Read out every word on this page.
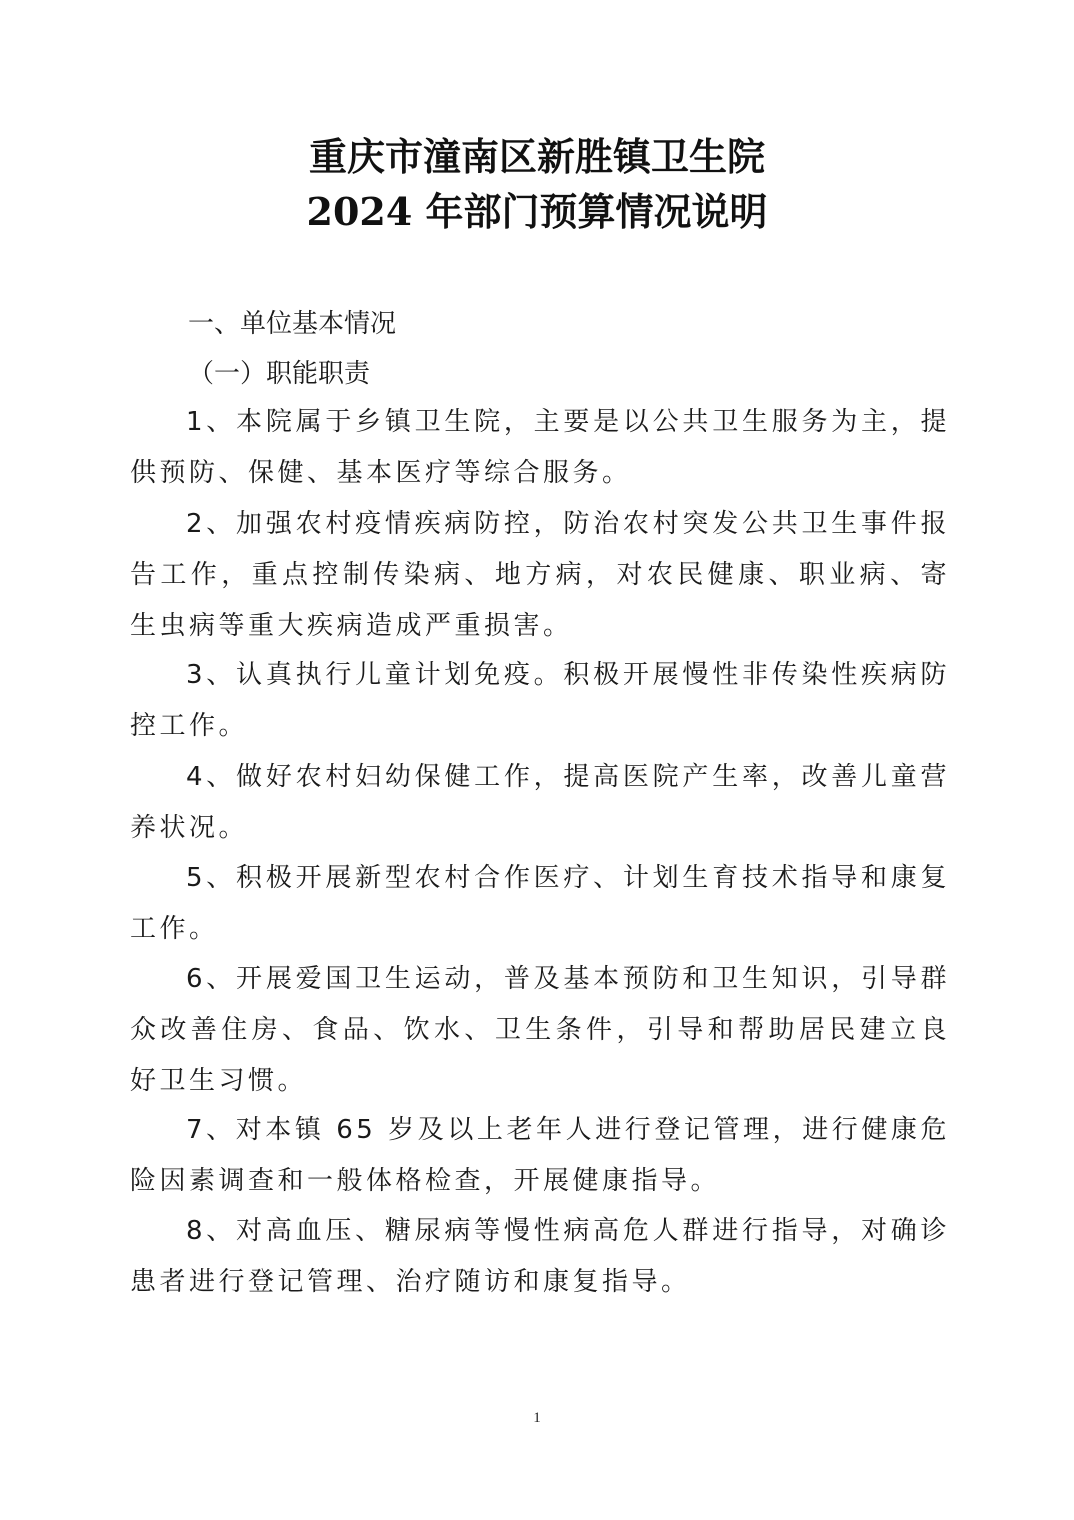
重庆市潼南区新胜镇卫生院
2024 年部门预算情况说明
一、单位基本情况
（一）职能职责

1、本院属于乡镇卫生院，主要是以公共卫生服务为主，提供预防、保健、基本医疗等综合服务。

2、加强农村疫情疾病防控，防治农村突发公共卫生事件报告工作，重点控制传染病、地方病，对农民健康、职业病、寄生虫病等重大疾病造成严重损害。

3、认真执行儿童计划免疫。积极开展慢性非传染性疾病防控工作。

4、做好农村妇幼保健工作，提高医院产生率，改善儿童营养状况。

5、积极开展新型农村合作医疗、计划生育技术指导和康复工作。

6、开展爱国卫生运动，普及基本预防和卫生知识，引导群众改善住房、食品、饮水、卫生条件，引导和帮助居民建立良好卫生习惯。

7、对本镇 65 岁及以上老年人进行登记管理，进行健康危险因素调查和一般体格检查，开展健康指导。

8、对高血压、糖尿病等慢性病高危人群进行指导，对确诊患者进行登记管理、治疗随访和康复指导。

1
